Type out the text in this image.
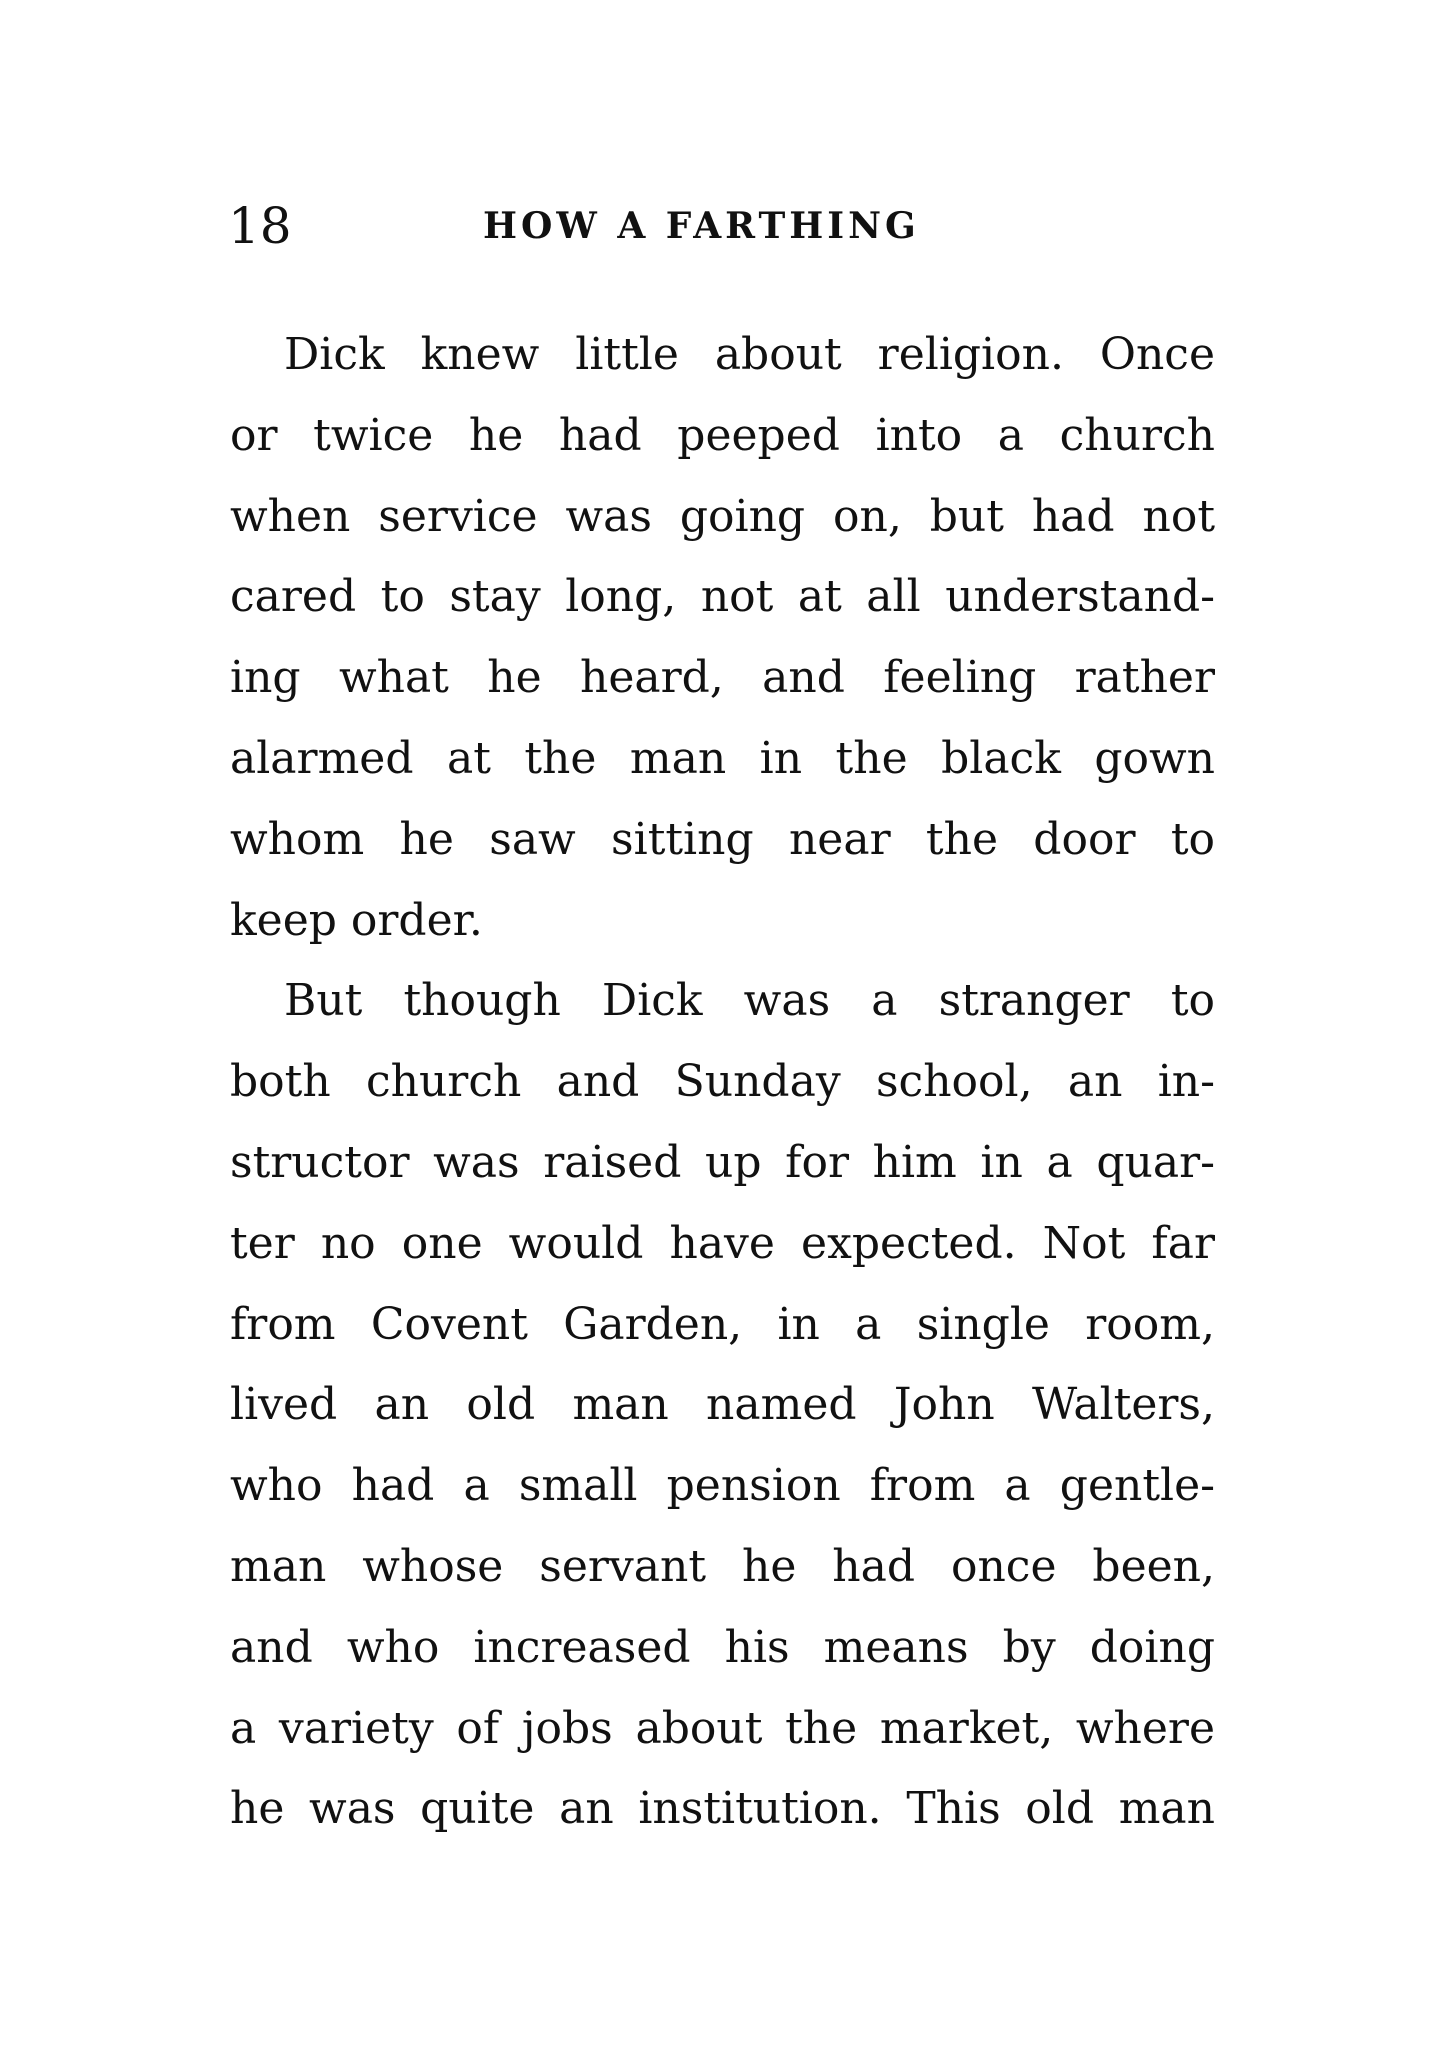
18	HOW A FARTHING
Dick knew little about religion. Once
or twice he had peeped into a church
when service was going on, but had not
cared to stay long, not at all understand-
ing what he heard, and feeling rather
alarmed at the man in the black gown
whom he saw sitting near the door to
keep order.
But though Dick was a stranger to
both church and Sunday school, an in-
structor was raised up for him in a quar-
ter no one would have expected. Not far
from Covent Garden, in a single room,
lived an old man named John Walters,
who had a small pension from a gentle-
man whose servant he had once been,
and who increased his means by doing
a variety of jobs about the market, where
he was quite an institution. This old man
